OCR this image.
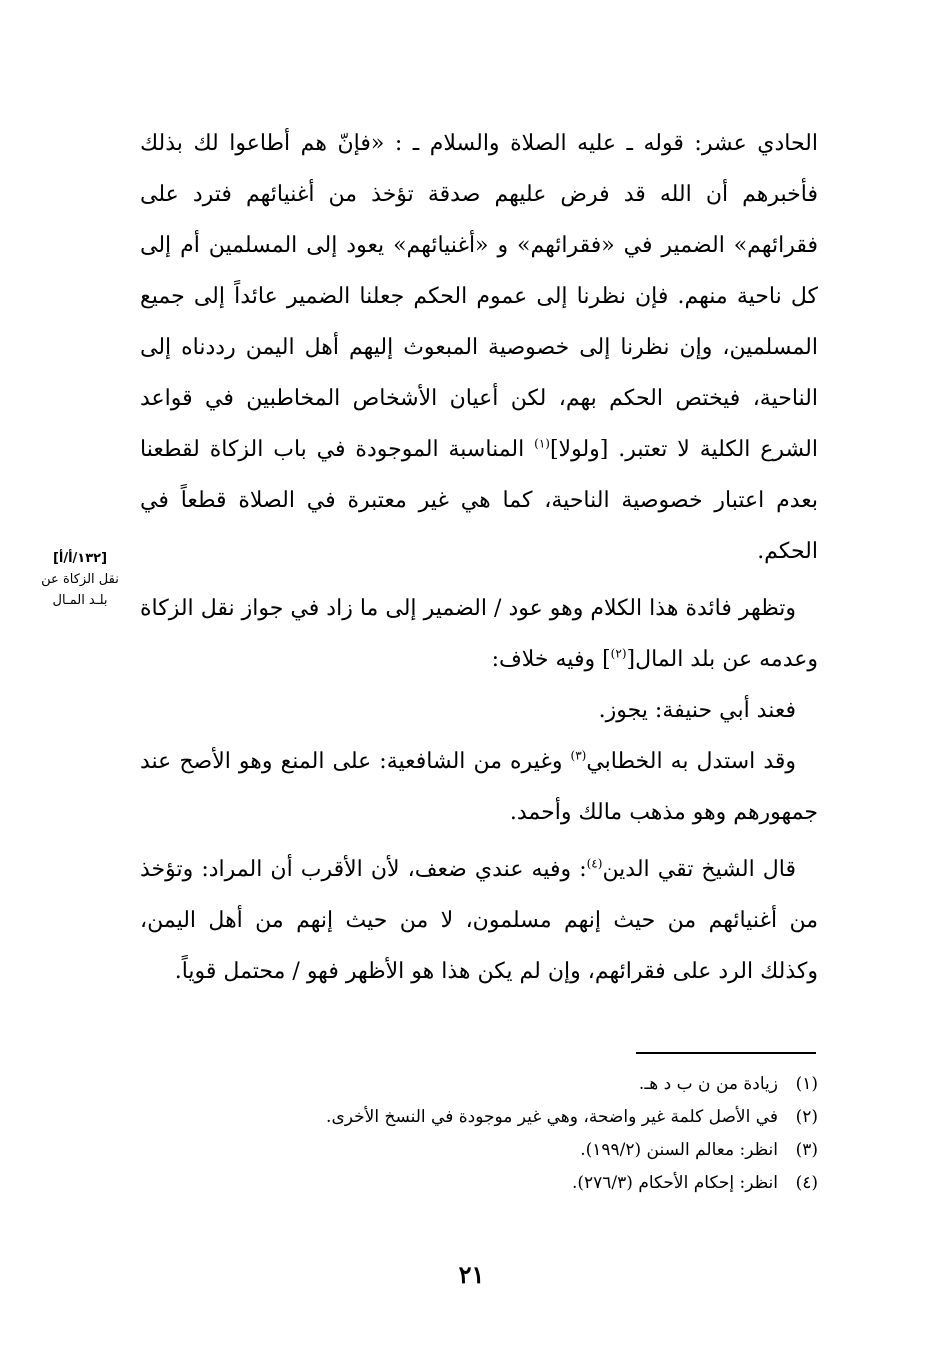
الحادي عشر: قوله ـ عليه الصلاة والسلام ـ : «فإنّ هم أطاعوا لك بذلك فأخبرهم أن الله قد فرض عليهم صدقة تؤخذ من أغنيائهم فترد على فقرائهم» الضمير في «فقرائهم» و «أغنيائهم» يعود إلى المسلمين أم إلى كل ناحية منهم. فإن نظرنا إلى عموم الحكم جعلنا الضمير عائداً إلى جميع المسلمين، وإن نظرنا إلى خصوصية المبعوث إليهم أهل اليمن رددناه إلى الناحية، فيختص الحكم بهم، لكن أعيان الأشخاص المخاطبين في قواعد الشرع الكلية لا تعتبر. [ولولا]$^{(١)}$ المناسبة الموجودة في باب الزكاة لقطعنا بعدم اعتبار خصوصية الناحية، كما هي غير معتبرة في الصلاة قطعاً في الحكم.

وتظهر فائدة هذا الكلام وهو عود / الضمير إلى ما زاد في جواز نقل الزكاة وعدمه عن بلد المال[$^{(٢)}$] وفيه خلاف:

فعند أبي حنيفة: يجوز.

وقد استدل به الخطابي$^{(٣)}$ وغيره من الشافعية: على المنع وهو الأصح عند جمهورهم وهو مذهب مالك وأحمد.

قال الشيخ تقي الدين$^{(٤)}$: وفيه عندي ضعف، لأن الأقرب أن المراد: وتؤخذ من أغنيائهم من حيث إنهم مسلمون، لا من حيث إنهم من أهل اليمن، وكذلك الرد على فقرائهم، وإن لم يكن هذا هو الأظهر فهو / محتمل قوياً.

[١٣٢/أ/أ]
نقل الزكاة عن
بلـد المـال

(١)زيادة من ن ب د هـ.

(٢)في الأصل كلمة غير واضحة، وهي غير موجودة في النسخ الأخرى.

(٣)انظر: معالم السنن (١٩٩/٢).

(٤)انظر: إحكام الأحكام (٢٧٦/٣).

٢١
